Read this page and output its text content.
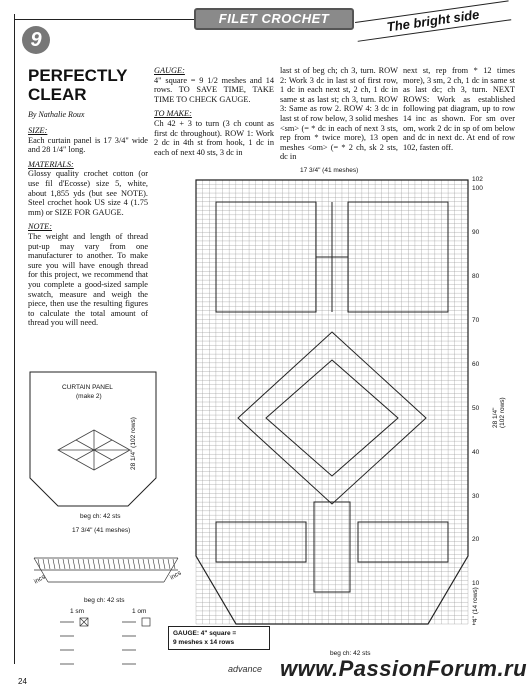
FILET CROCHET	The bright side
9
PERFECTLY
CLEAR
By Nathalie Roux
SIZE:
Each curtain panel is 17 3/4" wide and 28 1/4" long.
MATERIALS:
Glossy quality crochet cotton (or use fil d'Ecosse) size 5, white, about 1,855 yds (but see NOTE). Steel crochet hook US size 4 (1.75 mm) or SIZE FOR GAUGE.
NOTE:
The weight and length of thread put-up may vary from one manufacturer to another. To make sure you will have enough thread for this project, we recommend that you complete a good-sized sample swatch, measure and weigh the piece, then use the resulting figures to calculate the total amount of thread you will need.
GAUGE:
4" square = 9 1/2 meshes and 14 rows. TO SAVE TIME, TAKE TIME TO CHECK GAUGE.
TO MAKE:
Ch 42 + 3 to turn (3 ch count as first dc throughout). ROW 1: Work 2 dc in 4th st from hook, 1 dc in each of next 40 sts, 3 dc in
last st of beg ch; ch 3, turn. ROW 2: Work 3 dc in last st of first row, 1 dc in each next st, 2 ch, 1 dc in same st as last st; ch 3, turn. ROW 3: Same as row 2. ROW 4: 3 dc in last st of row below, 3 solid meshes <sm> (= * dc in each of next 3 sts, rep from * twice more), 13 open meshes <om> (= * 2 ch, sk 2 sts, dc in
next st, rep from * 12 times more), 3 sm, 2 ch, 1 dc in same st as last dc; ch 3, turn. NEXT ROWS: Work as established following pat diagram, up to row 14 inc as shown. For sm over om, work 2 dc in sp of om below and dc in next dc. At end of row 102, fasten off.
CURTAIN PANEL
(make 2)
28 1/4" (102 rows)
beg ch: 42 sts
17 3/4" (41 meshes)
incs	incs
beg ch: 42 sts
1 sm	1 om
17 3/4" (41 meshes)
28 1/4" (102 rows)
4" (14 rows)
beg ch: 42 sts
102
100
90
80
70
60
50
40
30
20
10
1
GAUGE: 4" square =
9 meshes x 14 rows
advance www.PassionForum.ru
24
